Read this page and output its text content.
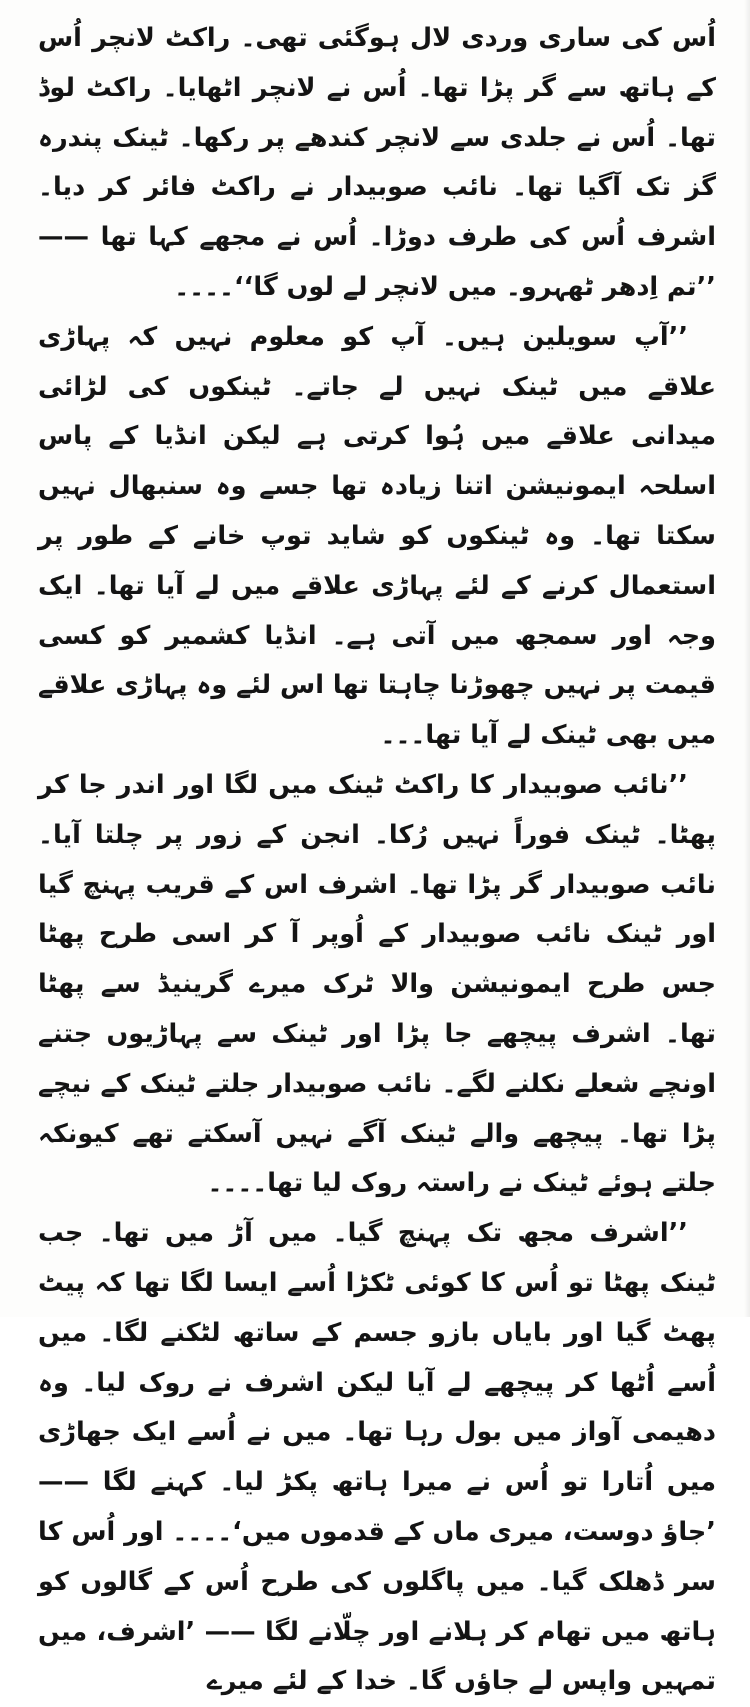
اُس کی ساری وردی لال ہوگئی تھی۔ راکٹ لانچر اُس کے ہاتھ سے گر پڑا تھا۔ اُس نے لانچر اٹھایا۔ راکٹ لوڈ تھا۔ اُس نے جلدی سے لانچر کندھے پر رکھا۔ ٹینک پندرہ گز تک آگیا تھا۔ نائب صوبیدار نے راکٹ فائر کر دیا۔ اشرف اُس کی طرف دوڑا۔ اُس نے مجھے کہا تھا —— ’’تم اِدھر ٹھہرو۔ میں لانچر لے لوں گا‘‘۔۔۔۔

’’آپ سویلین ہیں۔ آپ کو معلوم نہیں کہ پہاڑی علاقے میں ٹینک نہیں لے جاتے۔ ٹینکوں کی لڑائی میدانی علاقے میں ہُوا کرتی ہے لیکن انڈیا کے پاس اسلحہ ایمونیشن اتنا زیادہ تھا جسے وہ سنبھال نہیں سکتا تھا۔ وہ ٹینکوں کو شاید توپ خانے کے طور پر استعمال کرنے کے لئے پہاڑی علاقے میں لے آیا تھا۔ ایک وجہ اور سمجھ میں آتی ہے۔ انڈیا کشمیر کو کسی قیمت پر نہیں چھوڑنا چاہتا تھا اس لئے وہ پہاڑی علاقے میں بھی ٹینک لے آیا تھا۔۔۔

’’نائب صوبیدار کا راکٹ ٹینک میں لگا اور اندر جا کر پھٹا۔ ٹینک فوراً نہیں رُکا۔ انجن کے زور پر چلتا آیا۔ نائب صوبیدار گر پڑا تھا۔ اشرف اس کے قریب پہنچ گیا اور ٹینک نائب صوبیدار کے اُوپر آ کر اسی طرح پھٹا جس طرح ایمونیشن والا ٹرک میرے گرینیڈ سے پھٹا تھا۔ اشرف پیچھے جا پڑا اور ٹینک سے پہاڑیوں جتنے اونچے شعلے نکلنے لگے۔ نائب صوبیدار جلتے ٹینک کے نیچے پڑا تھا۔ پیچھے والے ٹینک آگے نہیں آسکتے تھے کیونکہ جلتے ہوئے ٹینک نے راستہ روک لیا تھا۔۔۔۔

’’اشرف مجھ تک پہنچ گیا۔ میں آڑ میں تھا۔ جب ٹینک پھٹا تو اُس کا کوئی ٹکڑا اُسے ایسا لگا تھا کہ پیٹ پھٹ گیا اور بایاں بازو جسم کے ساتھ لٹکنے لگا۔ میں اُسے اُٹھا کر پیچھے لے آیا لیکن اشرف نے روک لیا۔ وہ دھیمی آواز میں بول رہا تھا۔ میں نے اُسے ایک جھاڑی میں اُتارا تو اُس نے میرا ہاتھ پکڑ لیا۔ کہنے لگا —— ’جاؤ دوست، میری ماں کے قدموں میں‘۔۔۔۔ اور اُس کا سر ڈھلک گیا۔ میں پاگلوں کی طرح اُس کے گالوں کو ہاتھ میں تھام کر ہلانے اور چلّانے لگا —— ’اشرف، میں تمہیں واپس لے جاؤں گا۔ خدا کے لئے میرے
